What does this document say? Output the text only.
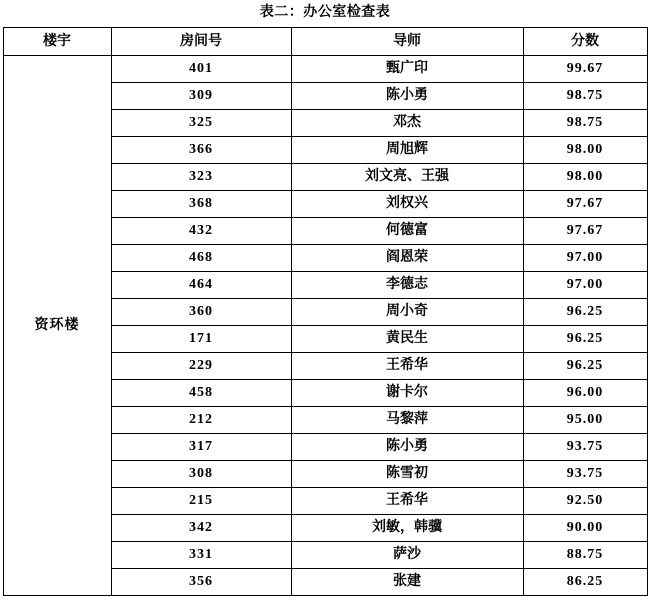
表二：办公室检查表
楼宇	房间号	导师	分数
资环楼	401	甄广印	99.67
	309	陈小勇	98.75
	325	邓杰	98.75
	366	周旭辉	98.00
	323	刘文亮、王强	98.00
	368	刘权兴	97.67
	432	何德富	97.67
	468	阎恩荣	97.00
	464	李德志	97.00
	360	周小奇	96.25
	171	黄民生	96.25
	229	王希华	96.25
	458	谢卡尔	96.00
	212	马黎萍	95.00
	317	陈小勇	93.75
	308	陈雪初	93.75
	215	王希华	92.50
	342	刘敏，韩骥	90.00
	331	萨沙	88.75
	356	张建	86.25
